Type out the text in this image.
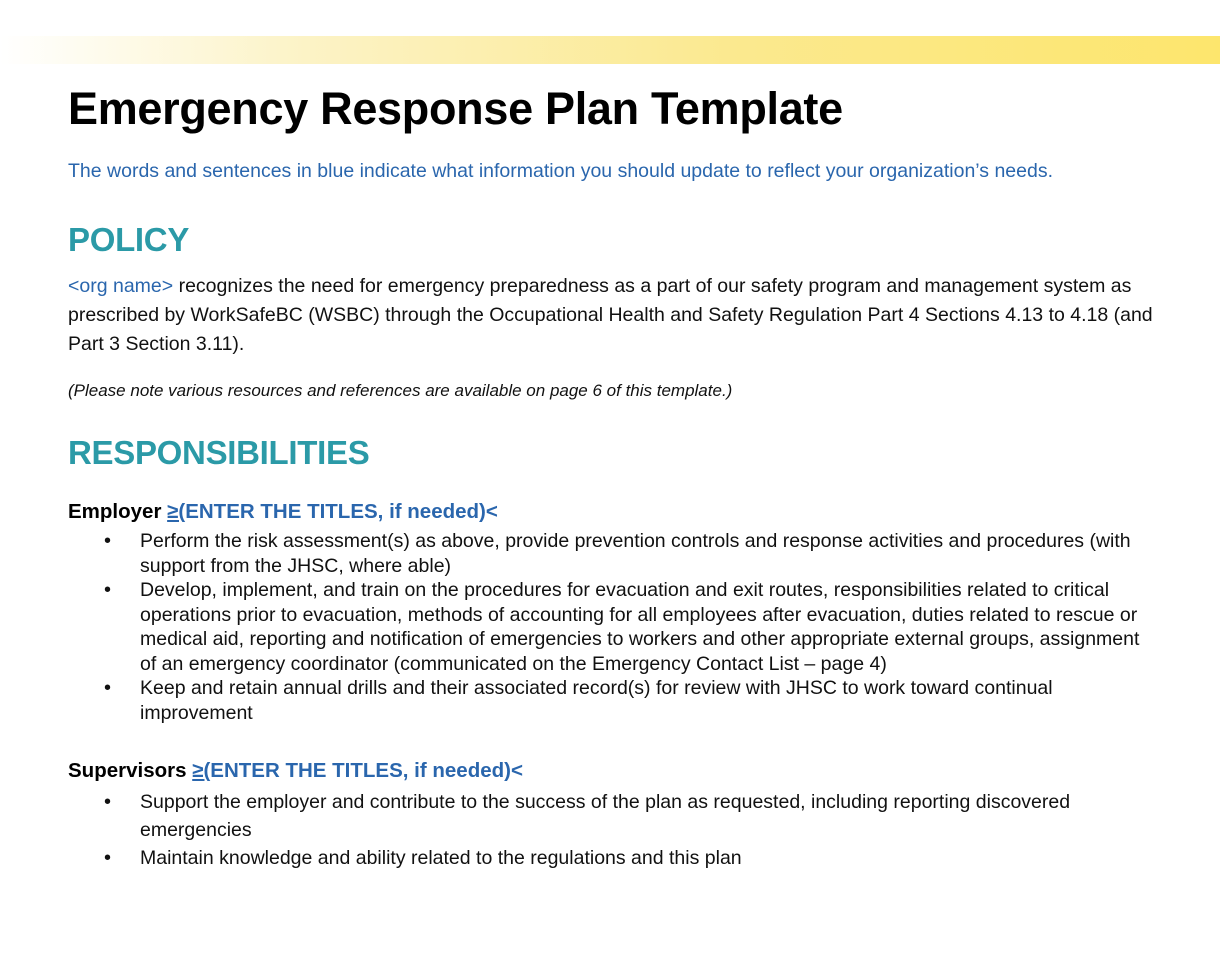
Emergency Response Plan Template

The words and sentences in blue indicate what information you should update to reflect your organization’s needs.

POLICY

<org name> recognizes the need for emergency preparedness as a part of our safety program and management system as prescribed by WorkSafeBC (WSBC) through the Occupational Health and Safety Regulation Part 4 Sections 4.13 to 4.18 (and Part 3 Section 3.11).

(Please note various resources and references are available on page 6 of this template.)

RESPONSIBILITIES
Employer ≥(ENTER THE TITLES, if needed)<
• Perform the risk assessment(s) as above, provide prevention controls and response activities and procedures (with support from the JHSC, where able)
• Develop, implement, and train on the procedures for evacuation and exit routes, responsibilities related to critical operations prior to evacuation, methods of accounting for all employees after evacuation, duties related to rescue or medical aid, reporting and notification of emergencies to workers and other appropriate external groups, assignment of an emergency coordinator (communicated on the Emergency Contact List – page 4)
• Keep and retain annual drills and their associated record(s) for review with JHSC to work toward continual improvement
Supervisors ≥(ENTER THE TITLES, if needed)<
• Support the employer and contribute to the success of the plan as requested, including reporting discovered emergencies
• Maintain knowledge and ability related to the regulations and this plan
